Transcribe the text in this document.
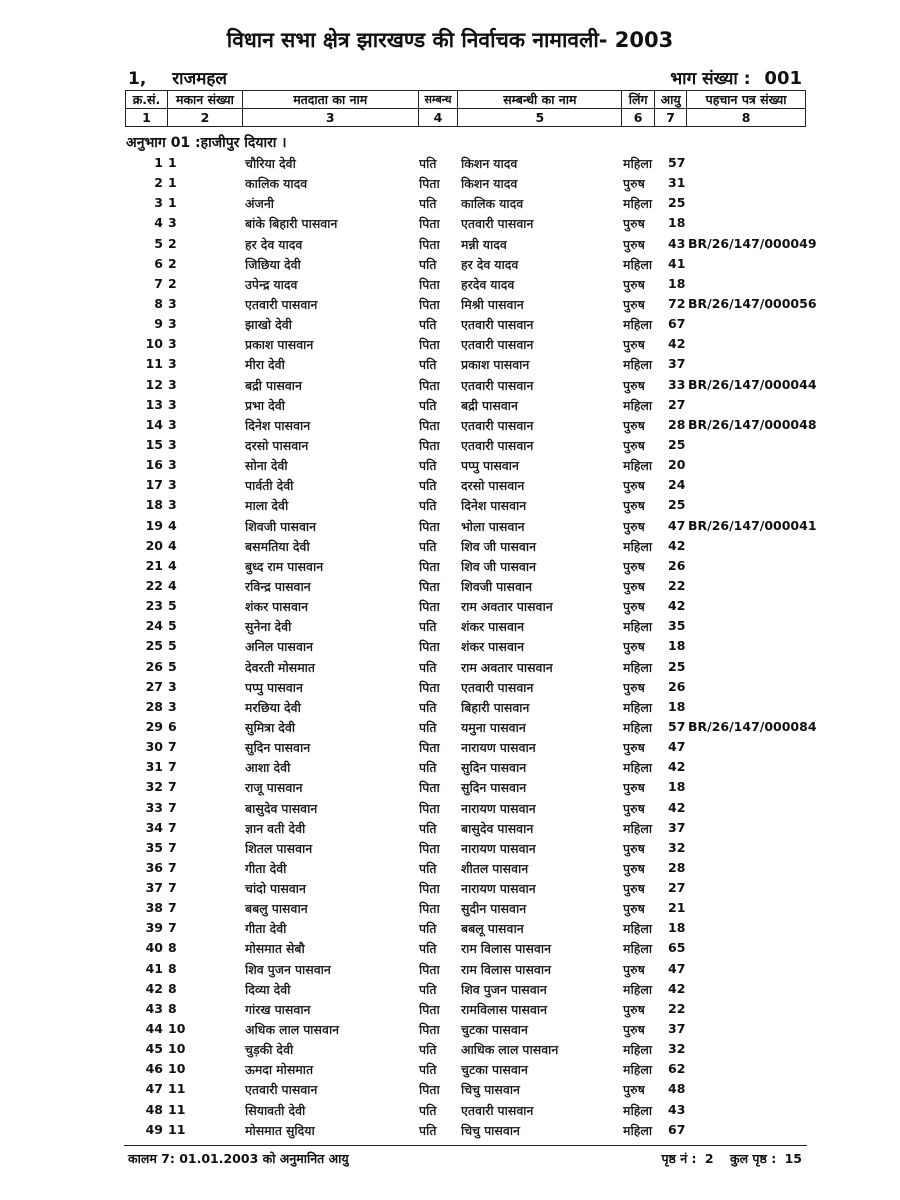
विधान सभा क्षेत्र झारखण्ड की निर्वाचक नामावली- 2003
1, राजमहल	भाग संख्या : 001
क्र.सं.	मकान संख्या	मतदाता का नाम	सम्बन्ध	सम्बन्धी का नाम	लिंग	आयु	पहचान पत्र संख्या
1	2	3	4	5	6	7	8
अनुभाग 01 :हाजीपुर दियारा ।
1 1	चौरिया देवी	पति किशन यादव	महिला 57
2 1	कालिक यादव	पिता किशन यादव	पुरुष 31
3 1	अंजनी	पति कालिक यादव	महिला 25
4 3	बांके बिहारी पासवान	पिता एतवारी पासवान	पुरुष 18
5 2	हर देव यादव	पिता मन्नी यादव	पुरुष 43 BR/26/147/000049
6 2	जिछिया देवी	पति हर देव यादव	महिला 41
7 2	उपेन्द्र यादव	पिता हरदेव यादव	पुरुष 18
8 3	एतवारी पासवान	पिता मिश्री पासवान	पुरुष 72 BR/26/147/000056
9 3	झाखो देवी	पति एतवारी पासवान	महिला 67
10 3	प्रकाश पासवान	पिता एतवारी पासवान	पुरुष 42
11 3	मीरा देवी	पति प्रकाश पासवान	महिला 37
12 3	बद्री पासवान	पिता एतवारी पासवान	पुरुष 33 BR/26/147/000044
13 3	प्रभा देवी	पति बद्री पासवान	महिला 27
14 3	दिनेश पासवान	पिता एतवारी पासवान	पुरुष 28 BR/26/147/000048
15 3	दरसो पासवान	पिता एतवारी पासवान	पुरुष 25
16 3	सोना देवी	पति पप्पु पासवान	महिला 20
17 3	पार्वती देवी	पति दरसो पासवान	पुरुष 24
18 3	माला देवी	पति दिनेश पासवान	पुरुष 25
19 4	शिवजी पासवान	पिता भोला पासवान	पुरुष 47 BR/26/147/000041
20 4	बसमतिया देवी	पति शिव जी पासवान	महिला 42
21 4	बुध्द राम पासवान	पिता शिव जी पासवान	पुरुष 26
22 4	रविन्द्र पासवान	पिता शिवजी पासवान	पुरुष 22
23 5	शंकर पासवान	पिता राम अवतार पासवान	पुरुष 42
24 5	सुनेना देवी	पति शंकर पासवान	महिला 35
25 5	अनिल पासवान	पिता शंकर पासवान	पुरुष 18
26 5	देवरती मोसमात	पति राम अवतार पासवान	महिला 25
27 3	पप्पु पासवान	पिता एतवारी पासवान	पुरुष 26
28 3	मरछिया देवी	पति बिहारी पासवान	महिला 18
29 6	सुमित्रा देवी	पति यमुना पासवान	महिला 57 BR/26/147/000084
30 7	सुदिन पासवान	पिता नारायण पासवान	पुरुष 47
31 7	आशा देवी	पति सुदिन पासवान	महिला 42
32 7	राजू पासवान	पिता सुदिन पासवान	पुरुष 18
33 7	बासुदेव पासवान	पिता नारायण पासवान	पुरुष 42
34 7	ज्ञान वती देवी	पति बासुदेव पासवान	महिला 37
35 7	शितल पासवान	पिता नारायण पासवान	पुरुष 32
36 7	गीता देवी	पति शीतल पासवान	पुरुष 28
37 7	चांदो पासवान	पिता नारायण पासवान	पुरुष 27
38 7	बबलु पासवान	पिता सुदीन पासवान	पुरुष 21
39 7	गीता देवी	पति बबलू पासवान	महिला 18
40 8	मोसमात सेबौ	पति राम विलास पासवान	महिला 65
41 8	शिव पुजन पासवान	पिता राम विलास पासवान	पुरुष 47
42 8	दिव्या देवी	पति शिव पुजन पासवान	महिला 42
43 8	गांरख पासवान	पिता रामविलास पासवान	पुरुष 22
44 10	अधिक लाल पासवान	पिता चुटका पासवान	पुरुष 37
45 10	चुड़की देवी	पति आधिक लाल पासवान	महिला 32
46 10	ऊमदा मोसमात	पति चुटका पासवान	महिला 62
47 11	एतवारी पासवान	पिता चिचु पासवान	पुरुष 48
48 11	सियावती देवी	पति एतवारी पासवान	महिला 43
49 11	मोसमात सुदिया	पति चिचु पासवान	महिला 67
कालम 7: 01.01.2003 को अनुमानित आयु	पृष्ठ नं : 2 कुल पृष्ठ : 15
